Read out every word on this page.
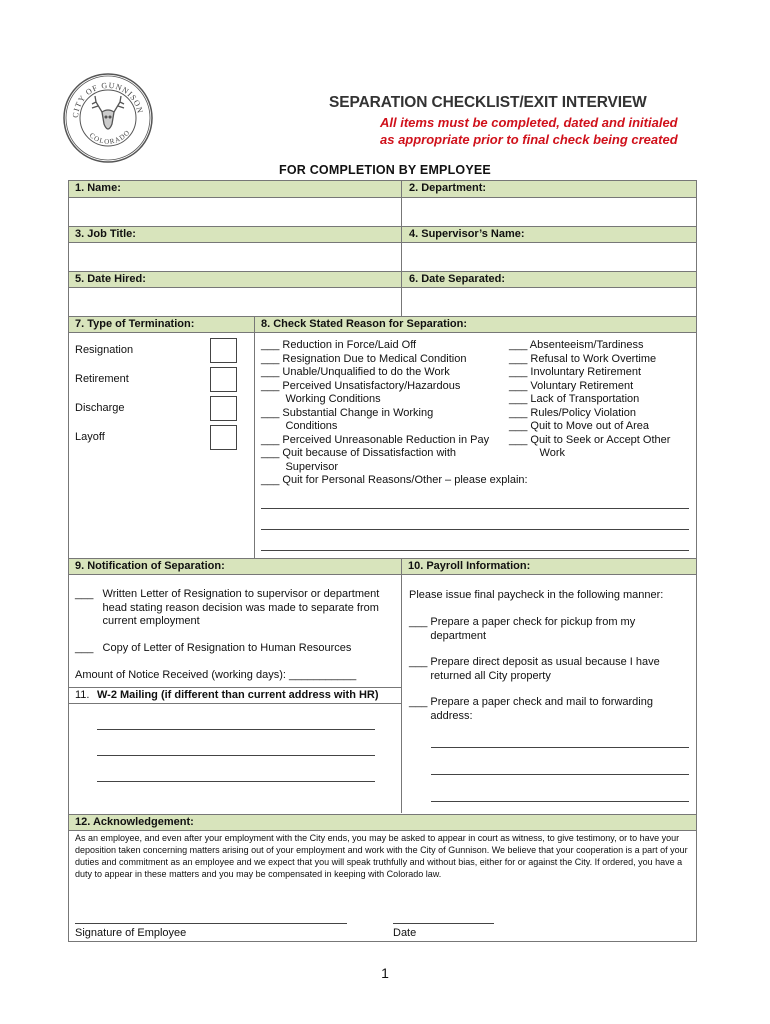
CITY OF GUNNISON
COLORADO
SEPARATION CHECKLIST/EXIT INTERVIEW
All items must be completed, dated and initialed
as appropriate prior to final check being created
FOR COMPLETION BY EMPLOYEE
1. Name:	2. Department:
3. Job Title:	4. Supervisor’s Name:
5. Date Hired:	6. Date Separated:
7. Type of Termination:	8. Check Stated Reason for Separation:
Resignation
Retirement
Discharge
Layoff
___ Reduction in Force/Laid Off
___ Resignation Due to Medical Condition
___ Unable/Unqualified to do the Work
___ Perceived Unsatisfactory/Hazardous
Working Conditions
___ Substantial Change in Working
Conditions
___ Perceived Unreasonable Reduction in Pay
___ Quit because of Dissatisfaction with
Supervisor
___ Quit for Personal Reasons/Other – please explain:
___ Absenteeism/Tardiness
___ Refusal to Work Overtime
___ Involuntary Retirement
___ Voluntary Retirement
___ Lack of Transportation
___ Rules/Policy Violation
___ Quit to Move out of Area
___ Quit to Seek or Accept Other
Work
9. Notification of Separation:	10. Payroll Information:
___   Written Letter of Resignation to supervisor or department
head stating reason decision was made to separate from
current employment
___   Copy of Letter of Resignation to Human Resources
Amount of Notice Received (working days): ___________
11. W-2 Mailing (if different than current address with HR)
Please issue final paycheck in the following manner:
___ Prepare a paper check for pickup from my
department
___ Prepare direct deposit as usual because I have
returned all City property
___ Prepare a paper check and mail to forwarding
address:
12. Acknowledgement:
As an employee, and even after your employment with the City ends, you may be asked to appear in court as witness, to give testimony, or to have your deposition taken concerning matters arising out of your employment and work with the City of Gunnison. We believe that your cooperation is a part of your duties and commitment as an employee and we expect that you will speak truthfully and without bias, either for or against the City. If ordered, you have a duty to appear in these matters and you may be compensated in keeping with Colorado law.
Signature of Employee	Date
1
